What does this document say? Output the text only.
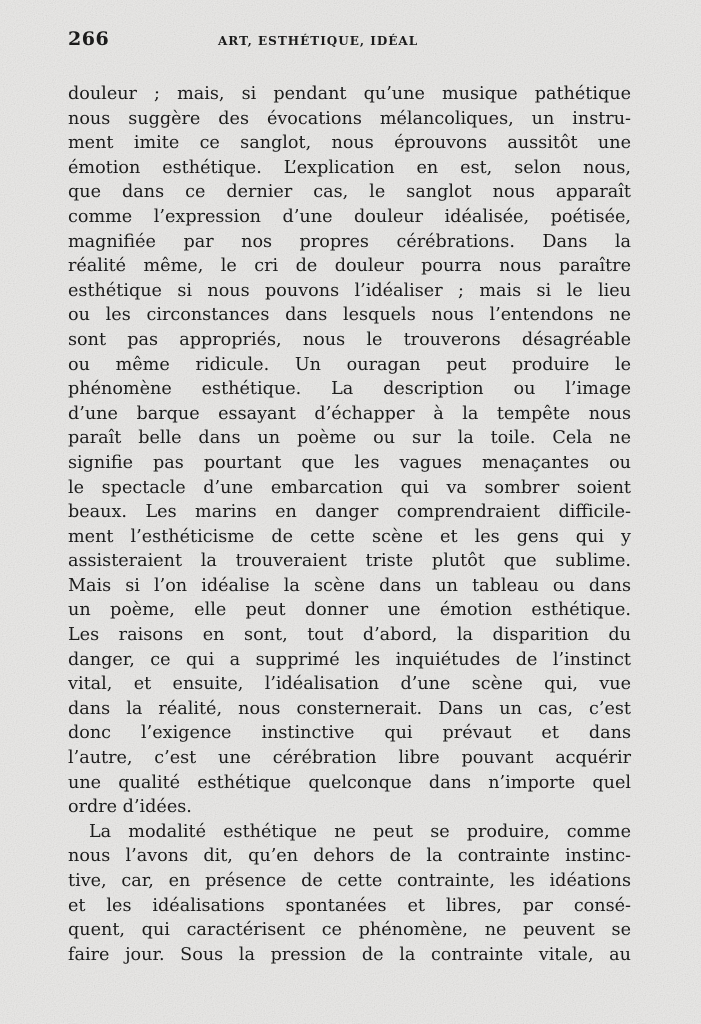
266	ART, ESTHÉTIQUE, IDÉAL
douleur ; mais, si pendant qu’une musique pathétique
nous suggère des évocations mélancoliques, un instru-
ment imite ce sanglot, nous éprouvons aussitôt une
émotion esthétique. L’explication en est, selon nous,
que dans ce dernier cas, le sanglot nous apparaît
comme l’expression d’une douleur idéalisée, poétisée,
magnifiée par nos propres cérébrations. Dans la
réalité même, le cri de douleur pourra nous paraître
esthétique si nous pouvons l’idéaliser ; mais si le lieu
ou les circonstances dans lesquels nous l’entendons ne
sont pas appropriés, nous le trouverons désagréable
ou même ridicule. Un ouragan peut produire le
phénomène esthétique. La description ou l’image
d’une barque essayant d’échapper à la tempête nous
paraît belle dans un poème ou sur la toile. Cela ne
signifie pas pourtant que les vagues menaçantes ou
le spectacle d’une embarcation qui va sombrer soient
beaux. Les marins en danger comprendraient difficile-
ment l’esthéticisme de cette scène et les gens qui y
assisteraient la trouveraient triste plutôt que sublime.
Mais si l’on idéalise la scène dans un tableau ou dans
un poème, elle peut donner une émotion esthétique.
Les raisons en sont, tout d’abord, la disparition du
danger, ce qui a supprimé les inquiétudes de l’instinct
vital, et ensuite, l’idéalisation d’une scène qui, vue
dans la réalité, nous consternerait. Dans un cas, c’est
donc l’exigence instinctive qui prévaut et dans
l’autre, c’est une cérébration libre pouvant acquérir
une qualité esthétique quelconque dans n’importe quel
ordre d’idées.
La modalité esthétique ne peut se produire, comme
nous l’avons dit, qu’en dehors de la contrainte instinc-
tive, car, en présence de cette contrainte, les idéations
et les idéalisations spontanées et libres, par consé-
quent, qui caractérisent ce phénomène, ne peuvent se
faire jour. Sous la pression de la contrainte vitale, au
